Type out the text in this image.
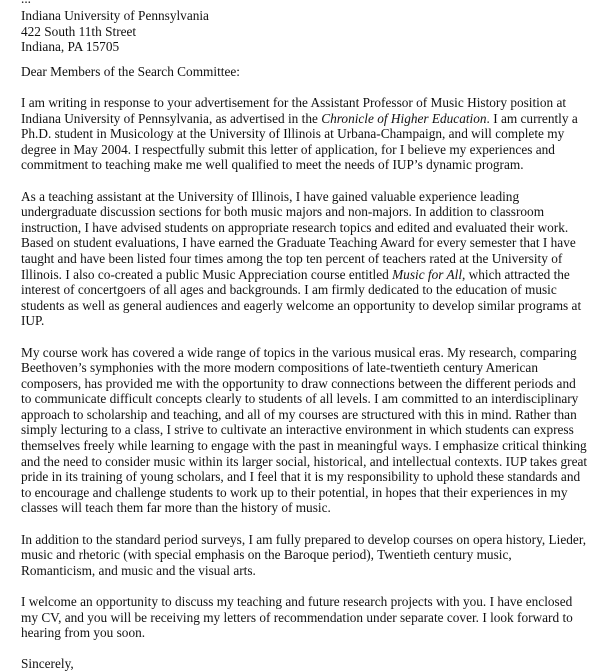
Indiana University of Pennsylvania
422 South 11th Street
Indiana, PA 15705
Dear Members of the Search Committee:

I am writing in response to your advertisement for the Assistant Professor of Music History position at Indiana University of Pennsylvania, as advertised in the Chronicle of Higher Education. I am currently a Ph.D. student in Musicology at the University of Illinois at Urbana-Champaign, and will complete my degree in May 2004. I respectfully submit this letter of application, for I believe my experiences and commitment to teaching make me well qualified to meet the needs of IUP’s dynamic program.

As a teaching assistant at the University of Illinois, I have gained valuable experience leading undergraduate discussion sections for both music majors and non-majors. In addition to classroom instruction, I have advised students on appropriate research topics and edited and evaluated their work. Based on student evaluations, I have earned the Graduate Teaching Award for every semester that I have taught and have been listed four times among the top ten percent of teachers rated at the University of Illinois. I also co-created a public Music Appreciation course entitled Music for All, which attracted the interest of concertgoers of all ages and backgrounds. I am firmly dedicated to the education of music students as well as general audiences and eagerly welcome an opportunity to develop similar programs at IUP.

My course work has covered a wide range of topics in the various musical eras. My research, comparing Beethoven’s symphonies with the more modern compositions of late-twentieth century American composers, has provided me with the opportunity to draw connections between the different periods and to communicate difficult concepts clearly to students of all levels. I am committed to an interdisciplinary approach to scholarship and teaching, and all of my courses are structured with this in mind. Rather than simply lecturing to a class, I strive to cultivate an interactive environment in which students can express themselves freely while learning to engage with the past in meaningful ways. I emphasize critical thinking and the need to consider music within its larger social, historical, and intellectual contexts. IUP takes great pride in its training of young scholars, and I feel that it is my responsibility to uphold these standards and to encourage and challenge students to work up to their potential, in hopes that their experiences in my classes will teach them far more than the history of music.

In addition to the standard period surveys, I am fully prepared to develop courses on opera history, Lieder, music and rhetoric (with special emphasis on the Baroque period), Twentieth century music, Romanticism, and music and the visual arts.

I welcome an opportunity to discuss my teaching and future research projects with you. I have enclosed my CV, and you will be receiving my letters of recommendation under separate cover. I look forward to hearing from you soon.

Sincerely,
